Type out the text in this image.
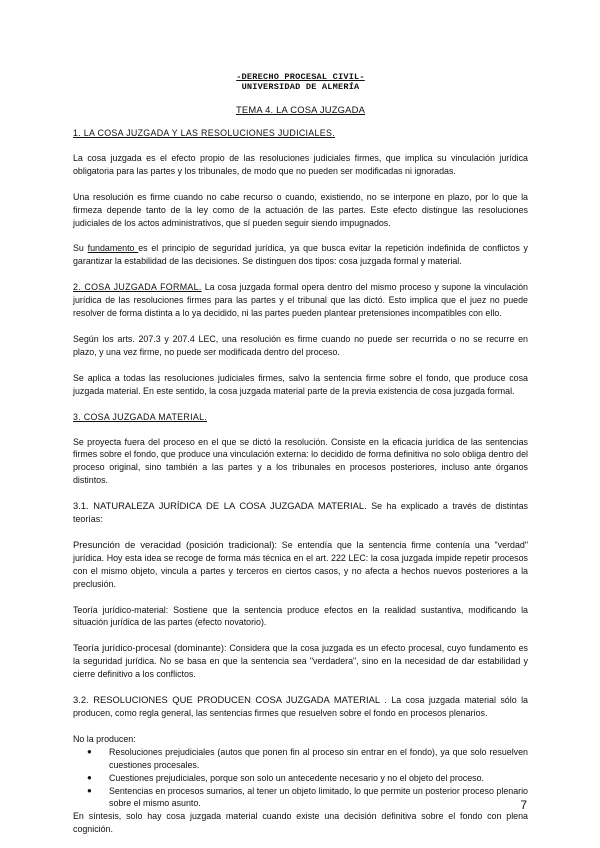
-DERECHO PROCESAL CIVIL-
UNIVERSIDAD DE ALMERÍA
TEMA 4. LA COSA JUZGADA

1. LA COSA JUZGADA Y LAS RESOLUCIONES JUDICIALES.

La cosa juzgada es el efecto propio de las resoluciones judiciales firmes, que implica su vinculación jurídica obligatoria para las partes y los tribunales, de modo que no pueden ser modificadas ni ignoradas.

Una resolución es firme cuando no cabe recurso o cuando, existiendo, no se interpone en plazo, por lo que la firmeza depende tanto de la ley como de la actuación de las partes. Este efecto distingue las resoluciones judiciales de los actos administrativos, que sí pueden seguir siendo impugnados.

Su fundamento es el principio de seguridad jurídica, ya que busca evitar la repetición indefinida de conflictos y garantizar la estabilidad de las decisiones. Se distinguen dos tipos: cosa juzgada formal y material.

2. COSA JUZGADA FORMAL. La cosa juzgada formal opera dentro del mismo proceso y supone la vinculación jurídica de las resoluciones firmes para las partes y el tribunal que las dictó. Esto implica que el juez no puede resolver de forma distinta a lo ya decidido, ni las partes pueden plantear pretensiones incompatibles con ello.

Según los arts. 207.3 y 207.4 LEC, una resolución es firme cuando no puede ser recurrida o no se recurre en plazo, y una vez firme, no puede ser modificada dentro del proceso.

Se aplica a todas las resoluciones judiciales firmes, salvo la sentencia firme sobre el fondo, que produce cosa juzgada material. En este sentido, la cosa juzgada material parte de la previa existencia de cosa juzgada formal.

3. COSA JUZGADA MATERIAL.

Se proyecta fuera del proceso en el que se dictó la resolución. Consiste en la eficacia jurídica de las sentencias firmes sobre el fondo, que produce una vinculación externa: lo decidido de forma definitiva no solo obliga dentro del proceso original, sino también a las partes y a los tribunales en procesos posteriores, incluso ante órganos distintos.

3.1. NATURALEZA JURÍDICA DE LA COSA JUZGADA MATERIAL. Se ha explicado a través de distintas teorías:

Presunción de veracidad (posición tradicional): Se entendía que la sentencia firme contenía una "verdad" jurídica. Hoy esta idea se recoge de forma más técnica en el art. 222 LEC: la cosa juzgada impide repetir procesos con el mismo objeto, vincula a partes y terceros en ciertos casos, y no afecta a hechos nuevos posteriores a la preclusión.

Teoría jurídico-material: Sostiene que la sentencia produce efectos en la realidad sustantiva, modificando la situación jurídica de las partes (efecto novatorio).

Teoría jurídico-procesal (dominante): Considera que la cosa juzgada es un efecto procesal, cuyo fundamento es la seguridad jurídica. No se basa en que la sentencia sea "verdadera", sino en la necesidad de dar estabilidad y cierre definitivo a los conflictos.

3.2. RESOLUCIONES QUE PRODUCEN COSA JUZGADA MATERIAL . La cosa juzgada material sólo la producen, como regla general, las sentencias firmes que resuelven sobre el fondo en procesos plenarios.

No la producen:

● Resoluciones prejudiciales (autos que ponen fin al proceso sin entrar en el fondo), ya que solo resuelven cuestiones procesales.
● Cuestiones prejudiciales, porque son solo un antecedente necesario y no el objeto del proceso.
● Sentencias en procesos sumarios, al tener un objeto limitado, lo que permite un posterior proceso plenario sobre el mismo asunto.

En síntesis, solo hay cosa juzgada material cuando existe una decisión definitiva sobre el fondo con plena cognición.

7
